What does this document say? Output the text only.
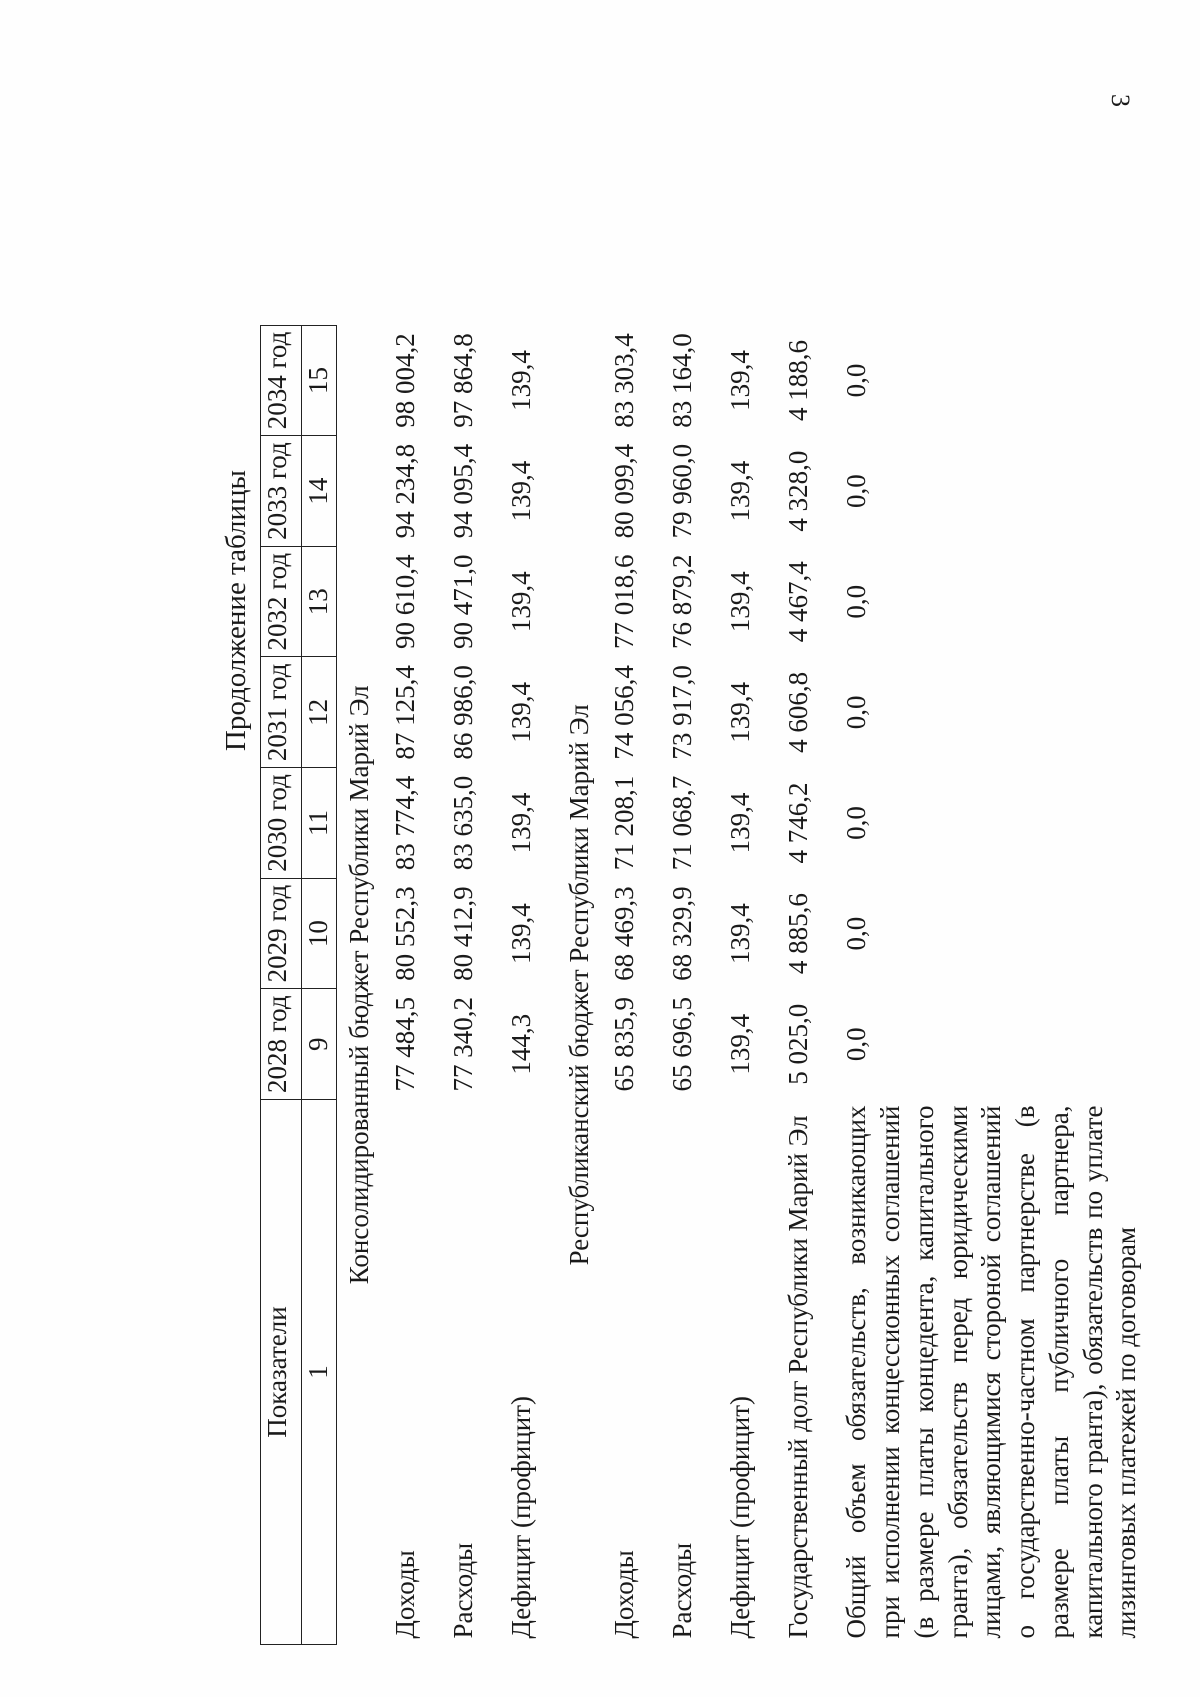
3
Продолжение таблицы
Показатели	2028 год	2029 год	2030 год	2031 год	2032 год	2033 год	2034 год
1	9	10	11	12	13	14	15
Консолидированный бюджет Республики Марий Эл							
Доходы	77 484,5	80 552,3	83 774,4	87 125,4	90 610,4	94 234,8	98 004,2
Расходы	77 340,2	80 412,9	83 635,0	86 986,0	90 471,0	94 095,4	97 864,8
Дефицит (профицит)	144,3	139,4	139,4	139,4	139,4	139,4	139,4
Республиканский бюджет Республики Марий Эл							
Доходы	65 835,9	68 469,3	71 208,1	74 056,4	77 018,6	80 099,4	83 303,4
Расходы	65 696,5	68 329,9	71 068,7	73 917,0	76 879,2	79 960,0	83 164,0
Дефицит (профицит)	139,4	139,4	139,4	139,4	139,4	139,4	139,4
Государственный долг Республики Марий Эл	5 025,0	4 885,6	4 746,2	4 606,8	4 467,4	4 328,0	4 188,6
Общий объем обязательств, возникающих при исполнении концессионных соглашений (в размере платы концедента, капитального гранта), обязательств перед юридическими лицами, являющимися стороной соглашений о государственно-частном партнерстве (в размере платы публичного партнера, капитального гранта), обязательств по уплате лизинговых платежей по договорам	0,0	0,0	0,0	0,0	0,0	0,0	0,0
